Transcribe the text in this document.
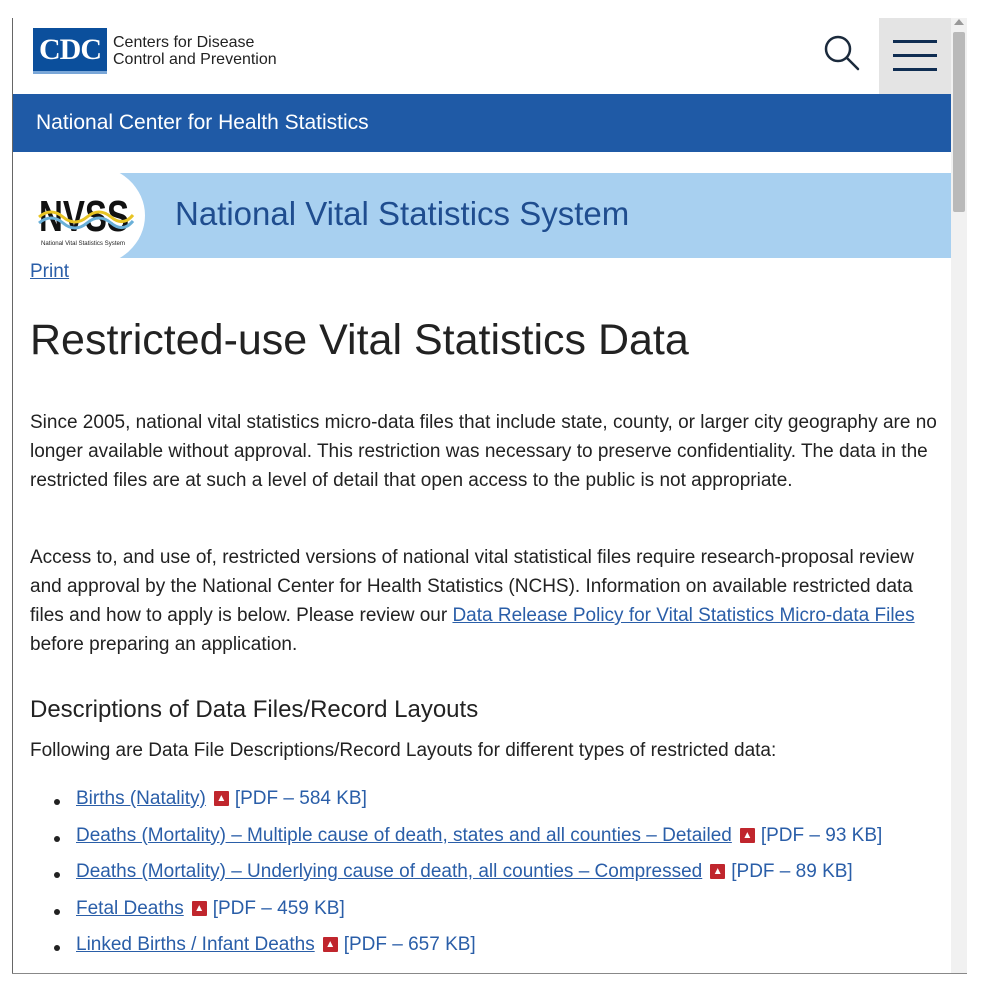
CDC Centers for Disease
Control and Prevention
National Center for Health Statistics
NVSS
National Vital Statistics System
National Vital Statistics System
Print
Restricted-use Vital Statistics Data

Since 2005, national vital statistics micro-data files that include state, county, or larger city geography are no longer available without approval. This restriction was necessary to preserve confidentiality. The data in the restricted files are at such a level of detail that open access to the public is not appropriate.

Access to, and use of, restricted versions of national vital statistical files require research-proposal review and approval by the National Center for Health Statistics (NCHS). Information on available restricted data files and how to apply is below. Please review our Data Release Policy for Vital Statistics Micro-data Files before preparing an application.

Descriptions of Data Files/Record Layouts
Following are Data File Descriptions/Record Layouts for different types of restricted data:
Births (Natality) ▲ [PDF – 584 KB]
Deaths (Mortality) – Multiple cause of death, states and all counties – Detailed ▲ [PDF – 93 KB]
Deaths (Mortality) – Underlying cause of death, all counties – Compressed ▲ [PDF – 89 KB]
Fetal Deaths ▲ [PDF – 459 KB]
Linked Births / Infant Deaths ▲ [PDF – 657 KB]
